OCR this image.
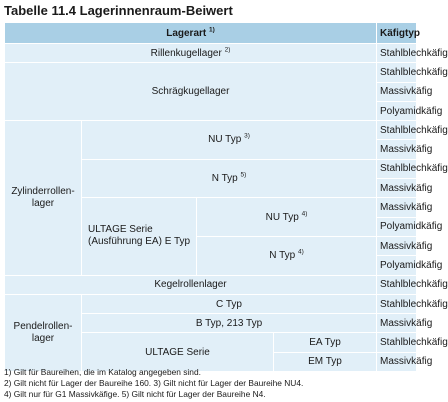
Tabelle 11.4 Lagerinnenraum-Beiwert
Lagerart $^{1)}$				Käfigtyp	
Rillenkugellager $^{2)}$				Stahlblechkäfig	
Schrägkugellager				Stahlblechkäfig	
				Massivkäfig	
				Polyamidkäfig	
Zylinderrollen-lager	NU Typ $^{3)}$			Stahlblechkäfig	
				Massivkäfig	
	N Typ $^{5)}$			Stahlblechkäfig	
				Massivkäfig	
	ULTAGE Serie (Ausführung EA) E Typ	NU Typ $^{4)}$		Massivkäfig	
				Polyamidkäfig	
		N Typ $^{4)}$		Massivkäfig	
				Polyamidkäfig	
Kegelrollenlager				Stahlblechkäfig	
Pendelrollen-lager	C Typ			Stahlblechkäfig	
	B Typ, 213 Typ			Massivkäfig	
	ULTAGE Serie		EA Typ	Stahlblechkäfig	
			EM Typ	Massivkäfig	
1) Gilt für Baureihen, die im Katalog angegeben sind.
2) Gilt nicht für Lager der Baureihe 160. 3) Gilt nicht für Lager der Baureihe NU4.
4) Gilt nur für G1 Massivkäfige. 5) Gilt nicht für Lager der Baureihe N4.
